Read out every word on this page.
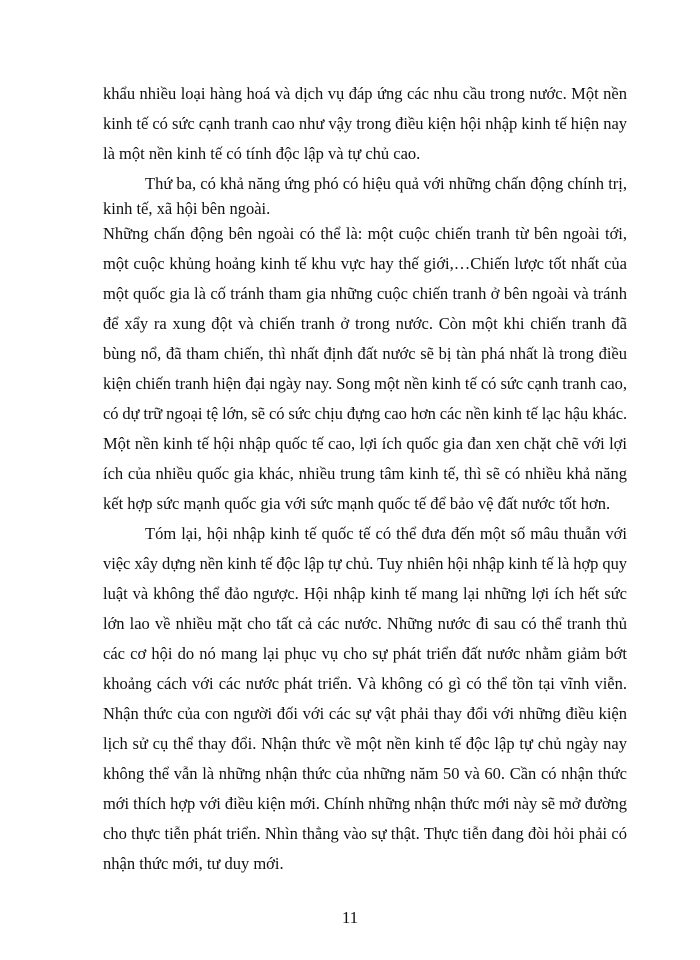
khẩu nhiều loại hàng hoá và dịch vụ đáp ứng các nhu cầu trong nước. Một nền
kinh tế có sức cạnh tranh cao như vậy trong điều kiện hội nhập kinh tế hiện nay
là một nền kinh tế có tính độc lập và tự chủ cao.
Thứ ba, có khả năng ứng phó có hiệu quả với những chấn động chính trị,
kinh tế, xã hội bên ngoài.
Những chấn động bên ngoài có thể là: một cuộc chiến tranh từ bên ngoài tới,
một cuộc khủng hoảng kinh tế khu vực hay thế giới,…Chiến lược tốt nhất của
một quốc gia là cố tránh tham gia những cuộc chiến tranh ở bên ngoài và tránh
để xẩy ra xung đột và chiến tranh ở trong nước. Còn một khi chiến tranh đã
bùng nổ, đã tham chiến, thì nhất định đất nước sẽ bị tàn phá nhất là trong điều
kiện chiến tranh hiện đại ngày nay. Song một nền kinh tế có sức cạnh tranh cao,
có dự trữ ngoại tệ lớn, sẽ có sức chịu đựng cao hơn các nền kinh tế lạc hậu khác.
Một nền kinh tế hội nhập quốc tế cao, lợi ích quốc gia đan xen chặt chẽ với lợi
ích của nhiều quốc gia khác, nhiều trung tâm kinh tế, thì sẽ có nhiều khả năng
kết hợp sức mạnh quốc gia với sức mạnh quốc tế để bảo vệ đất nước tốt hơn.
Tóm lại, hội nhập kinh tế quốc tế có thể đưa đến một số mâu thuẫn với
việc xây dựng nền kinh tế độc lập tự chủ. Tuy nhiên hội nhập kinh tế là hợp quy
luật và không thể đảo ngược. Hội nhập kinh tế mang lại những lợi ích hết sức
lớn lao về nhiều mặt cho tất cả các nước. Những nước đi sau có thể tranh thủ
các cơ hội do nó mang lại phục vụ cho sự phát triển đất nước nhằm giảm bớt
khoảng cách với các nước phát triển. Và không có gì có thể tồn tại vĩnh viễn.
Nhận thức của con người đối với các sự vật phải thay đổi với những điều kiện
lịch sử cụ thể thay đổi. Nhận thức về một nền kinh tế độc lập tự chủ ngày nay
không thể vẫn là những nhận thức của những năm 50 và 60. Cần có nhận thức
mới thích hợp với điều kiện mới. Chính những nhận thức mới này sẽ mở đường
cho thực tiễn phát triển. Nhìn thẳng vào sự thật. Thực tiễn đang đòi hỏi phải có
nhận thức mới, tư duy mới.
11
